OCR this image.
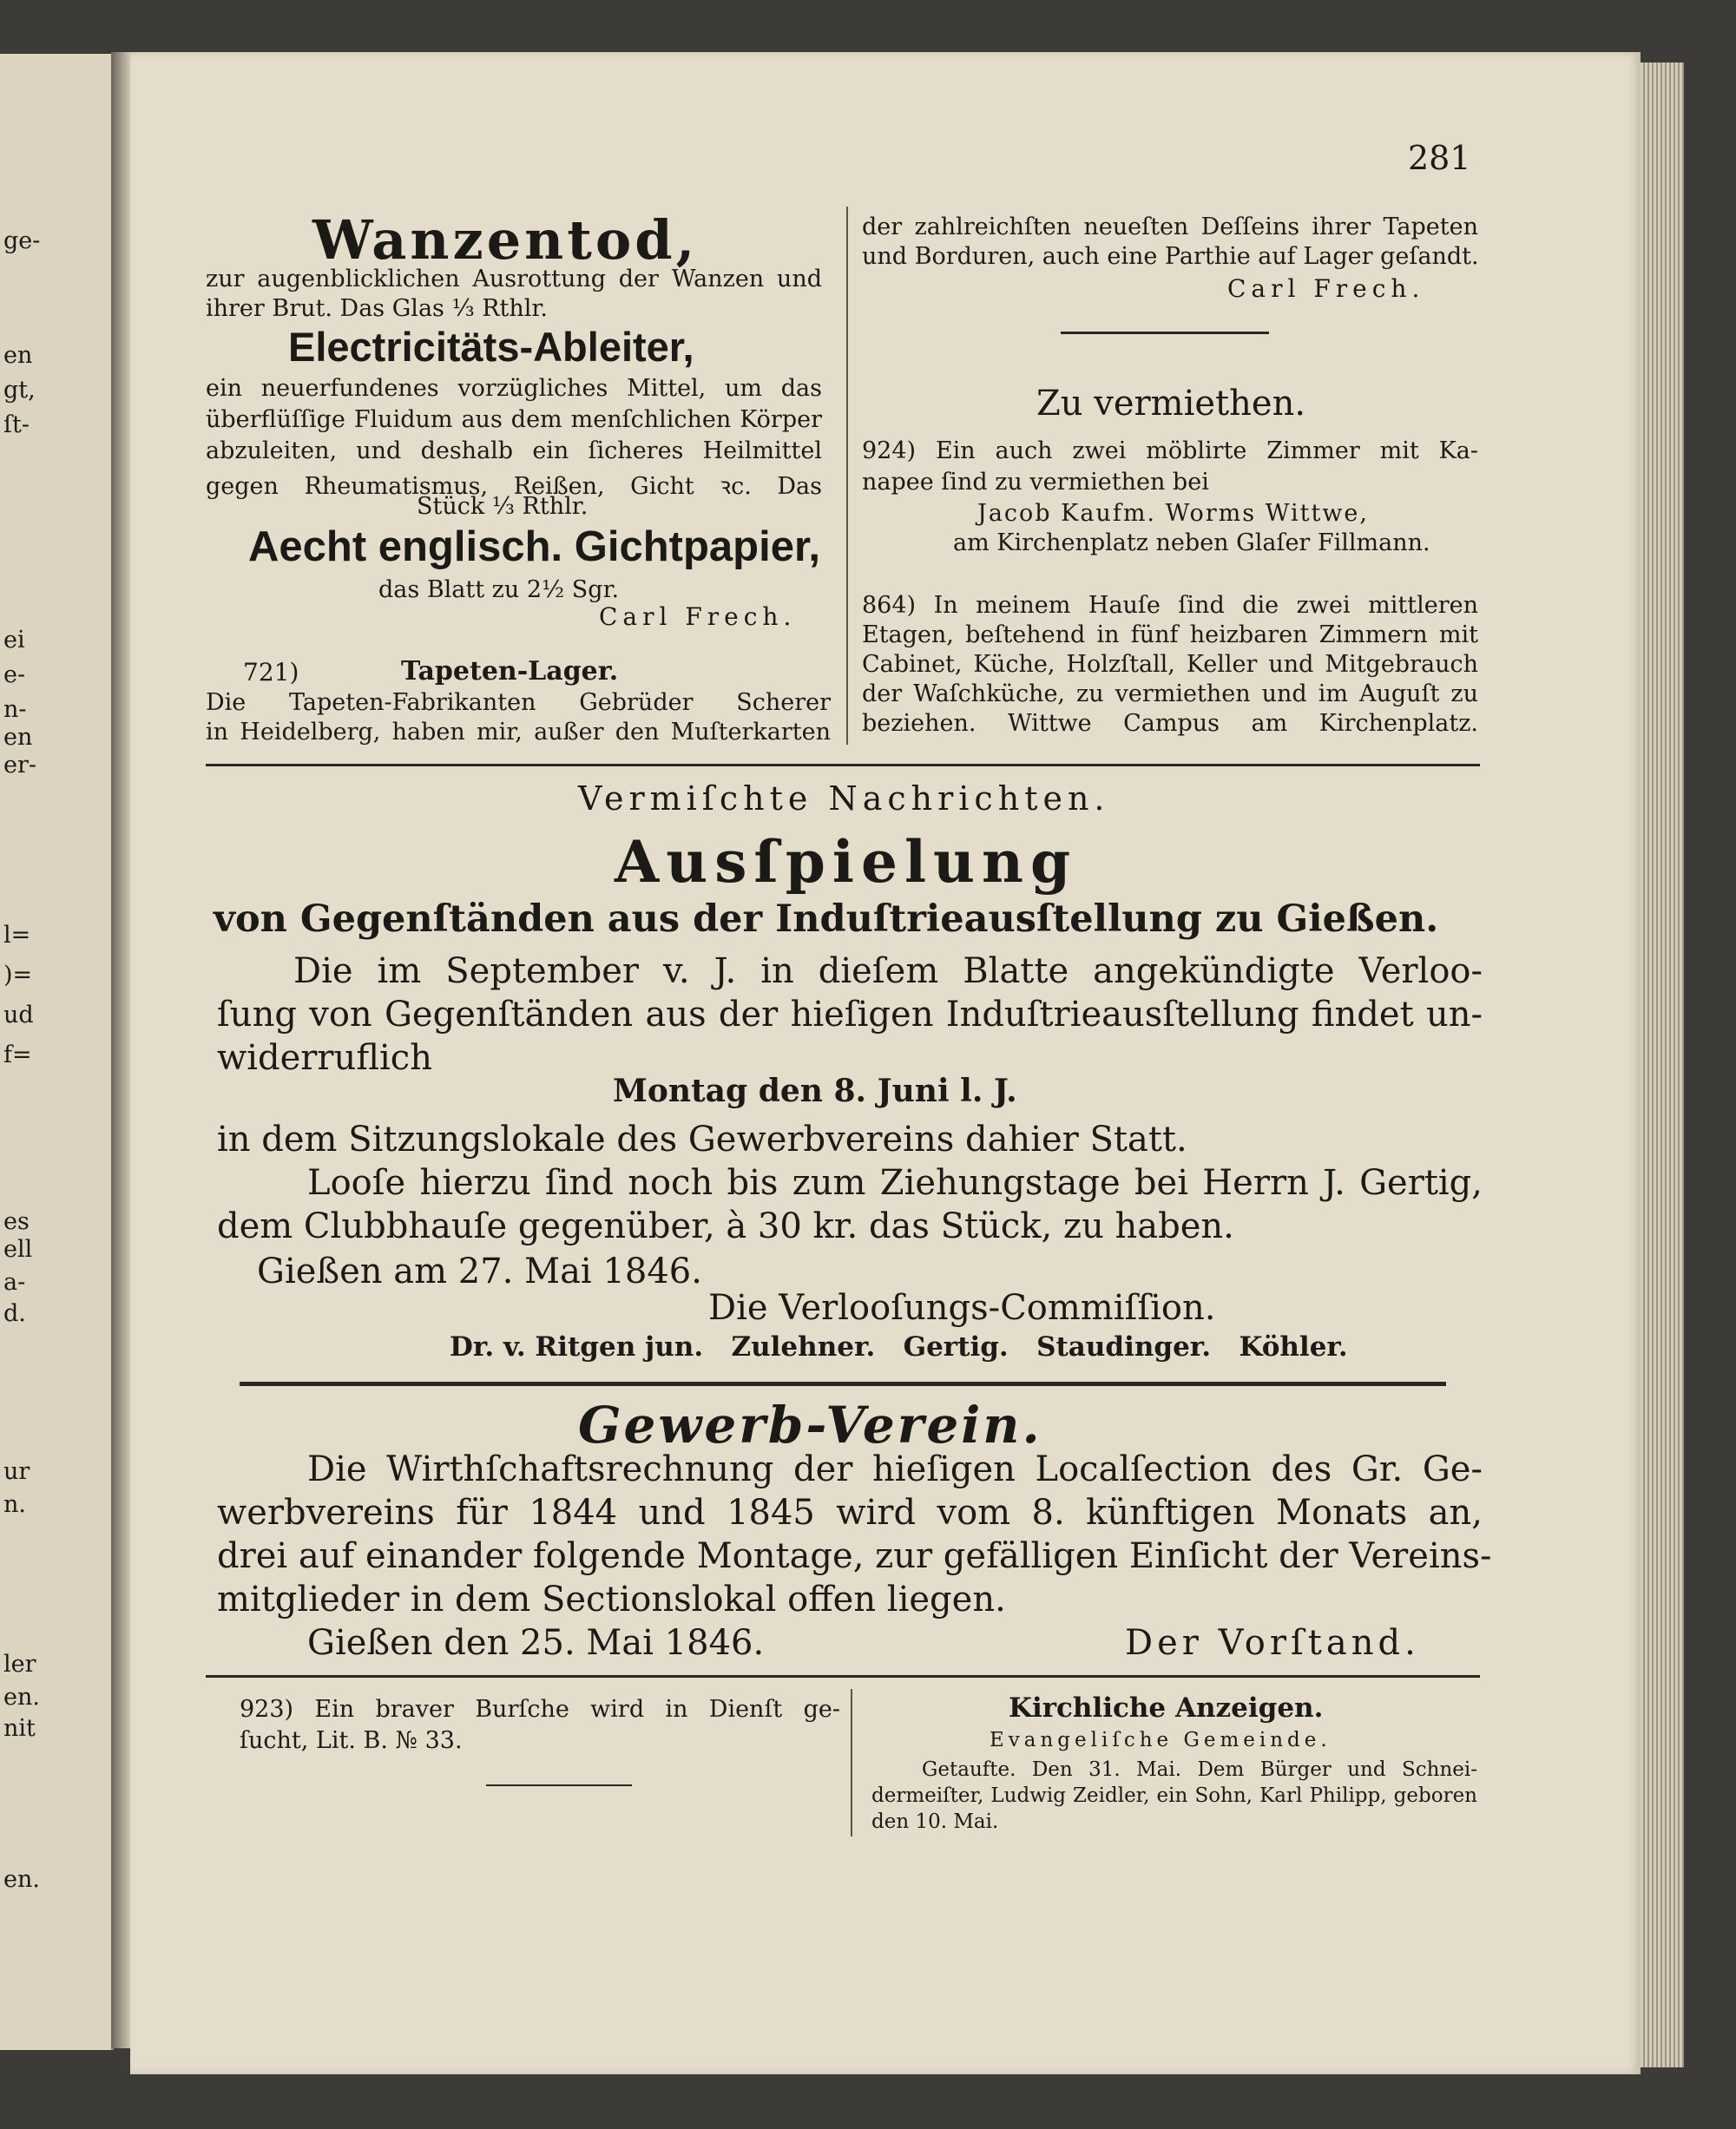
ge-
en
gt,
ſt-
ei
e-
n-
en
er-
l=
)=
ud
f=
es
ell
a-
d.
ur
n.
ler
en.
nit
en.
281
Wanzentod,
zur augenblicklichen Ausrottung der Wanzen und
ihrer Brut. Das Glas ⅓ Rthlr.
Electricitäts-Ableiter,
ein neuerfundenes vorzügliches Mittel, um das
überflüſſige Fluidum aus dem menſchlichen Körper
abzuleiten, und deshalb ein ſicheres Heilmittel
gegen Rheumatismus, Reißen, Gicht ꝛc. Das
Stück ⅓ Rthlr.
Aecht englisch. Gichtpapier,
das Blatt zu 2½ Sgr.
Carl Frech.
721)	Tapeten-Lager.
Die Tapeten-Fabrikanten Gebrüder Scherer
in Heidelberg, haben mir, außer den Muſterkarten
der zahlreichſten neueſten Deſſeins ihrer Tapeten
und Borduren, auch eine Parthie auf Lager geſandt.
Carl Frech.
Zu vermiethen.
924) Ein auch zwei möblirte Zimmer mit Ka-
napee ſind zu vermiethen bei
Jacob Kaufm. Worms Wittwe,
am Kirchenplatz neben Glaſer Fillmann.
864) In meinem Hauſe ſind die zwei mittleren
Etagen, beſtehend in fünf heizbaren Zimmern mit
Cabinet, Küche, Holzſtall, Keller und Mitgebrauch
der Waſchküche, zu vermiethen und im Auguſt zu
beziehen. Wittwe Campus am Kirchenplatz.
Vermiſchte Nachrichten.
Ausſpielung
von Gegenſtänden aus der Induſtrieausſtellung zu Gießen.
Die im September v. J. in dieſem Blatte angekündigte Verloo-
ſung von Gegenſtänden aus der hieſigen Induſtrieausſtellung findet un-
widerruflich
Montag den 8. Juni l. J.
in dem Sitzungslokale des Gewerbvereins dahier Statt.
Looſe hierzu ſind noch bis zum Ziehungstage bei Herrn J. Gertig,
dem Clubbhauſe gegenüber, à 30 kr. das Stück, zu haben.
Gießen am 27. Mai 1846.
Die Verlooſungs-Commiſſion.
Dr. v. Ritgen jun.   Zulehner.   Gertig.   Staudinger.   Köhler.
Gewerb-Verein.
Die Wirthſchaftsrechnung der hieſigen Localſection des Gr. Ge-
werbvereins für 1844 und 1845 wird vom 8. künftigen Monats an,
drei auf einander folgende Montage, zur gefälligen Einſicht der Vereins-
mitglieder in dem Sectionslokal offen liegen.
Gießen den 25. Mai 1846.	Der Vorſtand.
923) Ein braver Burſche wird in Dienſt ge-
ſucht, Lit. B. № 33.
Kirchliche Anzeigen.
Evangeliſche Gemeinde.
Getaufte. Den 31. Mai. Dem Bürger und Schnei-
dermeiſter, Ludwig Zeidler, ein Sohn, Karl Philipp, geboren
den 10. Mai.
